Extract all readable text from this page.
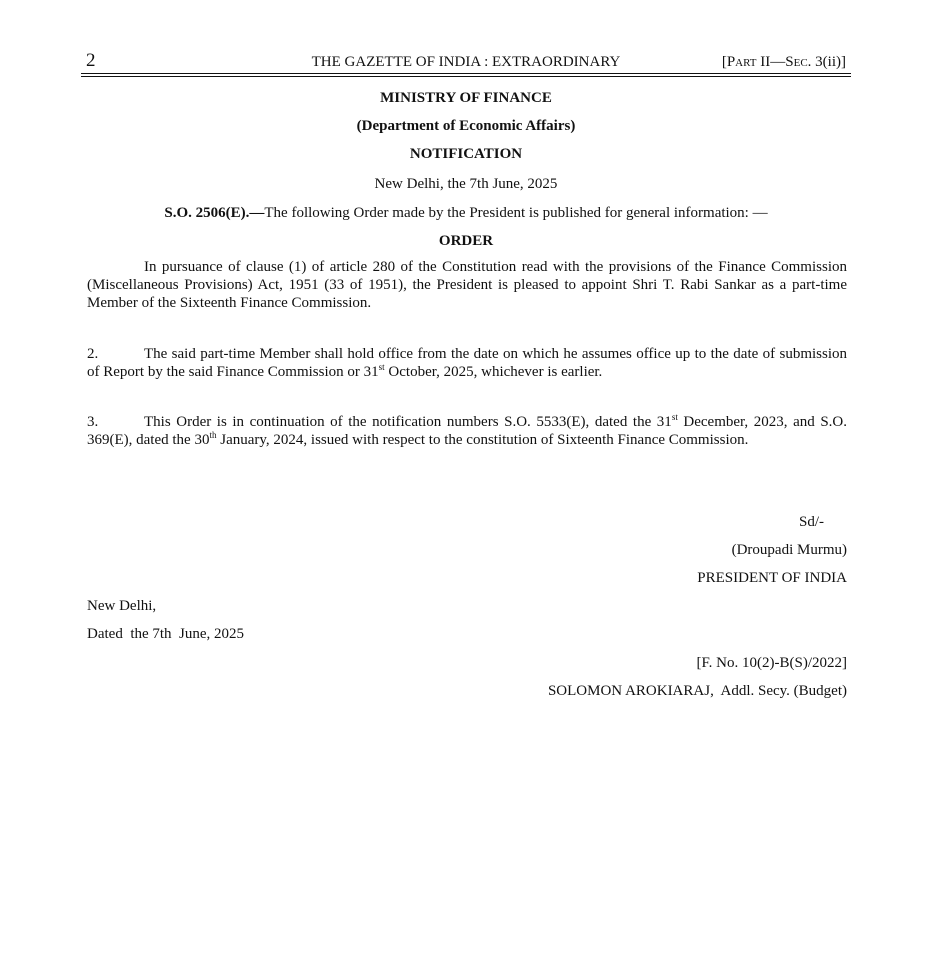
2	THE GAZETTE OF INDIA : EXTRAORDINARY	[Part II—Sec. 3(ii)]
MINISTRY OF FINANCE
(Department of Economic Affairs)
NOTIFICATION
New Delhi, the 7th June, 2025
S.O. 2506(E).—The following Order made by the President is published for general information: —
ORDER
In pursuance of clause (1) of article 280 of the Constitution read with the provisions of the Finance Commission (Miscellaneous Provisions) Act, 1951 (33 of 1951), the President is pleased to appoint Shri T. Rabi Sankar as a part-time Member of the Sixteenth Finance Commission.
2.	The said part-time Member shall hold office from the date on which he assumes office up to the date of submission of Report by the said Finance Commission or 31st October, 2025, whichever is earlier.
3.	This Order is in continuation of the notification numbers S.O. 5533(E), dated the 31st December, 2023, and S.O. 369(E), dated the 30th January, 2024, issued with respect to the constitution of Sixteenth Finance Commission.
Sd/-
(Droupadi Murmu)
PRESIDENT OF INDIA
New Delhi,
Dated  the 7th  June, 2025
[F. No. 10(2)-B(S)/2022]
SOLOMON AROKIARAJ,  Addl. Secy. (Budget)
